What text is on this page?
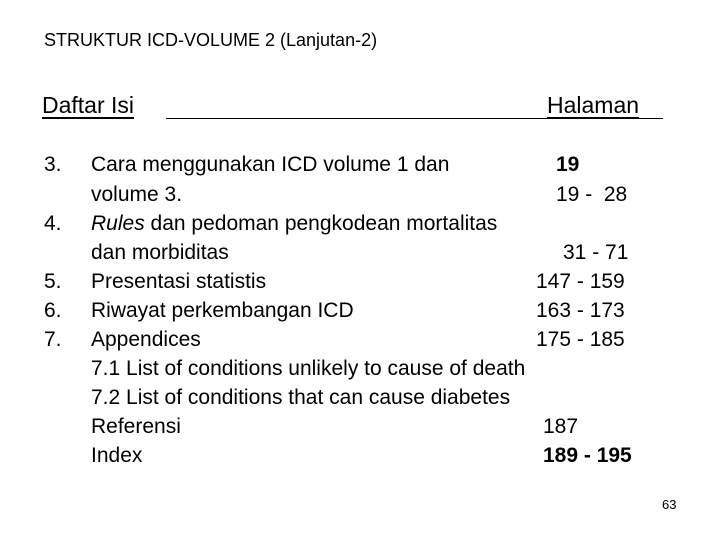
STRUKTUR ICD-VOLUME 2 (Lanjutan-2)
Daftar Isi	Halaman
3. Cara menggunakan ICD volume 1 dan	19
volume 3.	19 -  28
4. Rules dan pedoman pengkodean mortalitas
dan morbiditas	31 - 71
5. Presentasi statistis	147 - 159
6. Riwayat perkembangan ICD	163 - 173
7. Appendices	175 - 185
7.1 List of conditions unlikely to cause of death
7.2 List of conditions that can cause diabetes
Referensi	187
Index	189 - 195
63
